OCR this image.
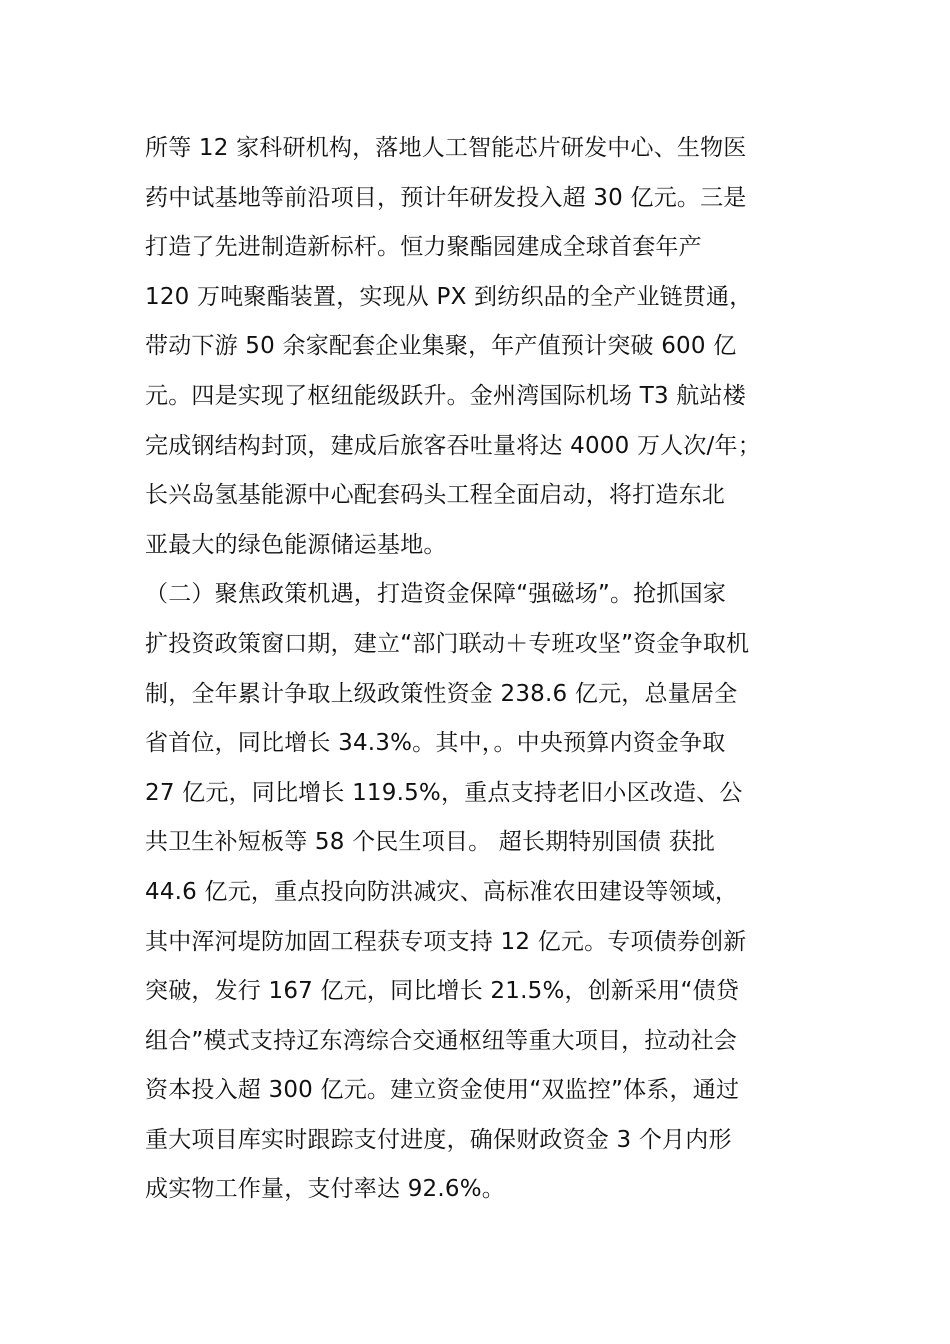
所等 12 家科研机构，落地人工智能芯片研发中心、生物医
药中试基地等前沿项目，预计年研发投入超 30 亿元。三是
打造了先进制造新标杆。恒力聚酯园建成全球首套年产
120 万吨聚酯装置，实现从 PX 到纺织品的全产业链贯通，
带动下游 50 余家配套企业集聚，年产值预计突破 600 亿
元。四是实现了枢纽能级跃升。金州湾国际机场 T3 航站楼
完成钢结构封顶，建成后旅客吞吐量将达 4000 万人次/年；
长兴岛氢基能源中心配套码头工程全面启动，将打造东北
亚最大的绿色能源储运基地。
（二）聚焦政策机遇，打造资金保障“强磁场”。抢抓国家
扩投资政策窗口期，建立“部门联动＋专班攻坚”资金争取机
制，全年累计争取上级政策性资金 238.6 亿元，总量居全
省首位，同比增长 34.3%。其中，。中央预算内资金争取
27 亿元，同比增长 119.5%，重点支持老旧小区改造、公
共卫生补短板等 58 个民生项目。 超长期特别国债 获批
44.6 亿元，重点投向防洪减灾、高标准农田建设等领域，
其中浑河堤防加固工程获专项支持 12 亿元。专项债券创新
突破，发行 167 亿元，同比增长 21.5%，创新采用“债贷
组合”模式支持辽东湾综合交通枢纽等重大项目，拉动社会
资本投入超 300 亿元。建立资金使用“双监控”体系，通过
重大项目库实时跟踪支付进度，确保财政资金 3 个月内形
成实物工作量，支付率达 92.6%。
